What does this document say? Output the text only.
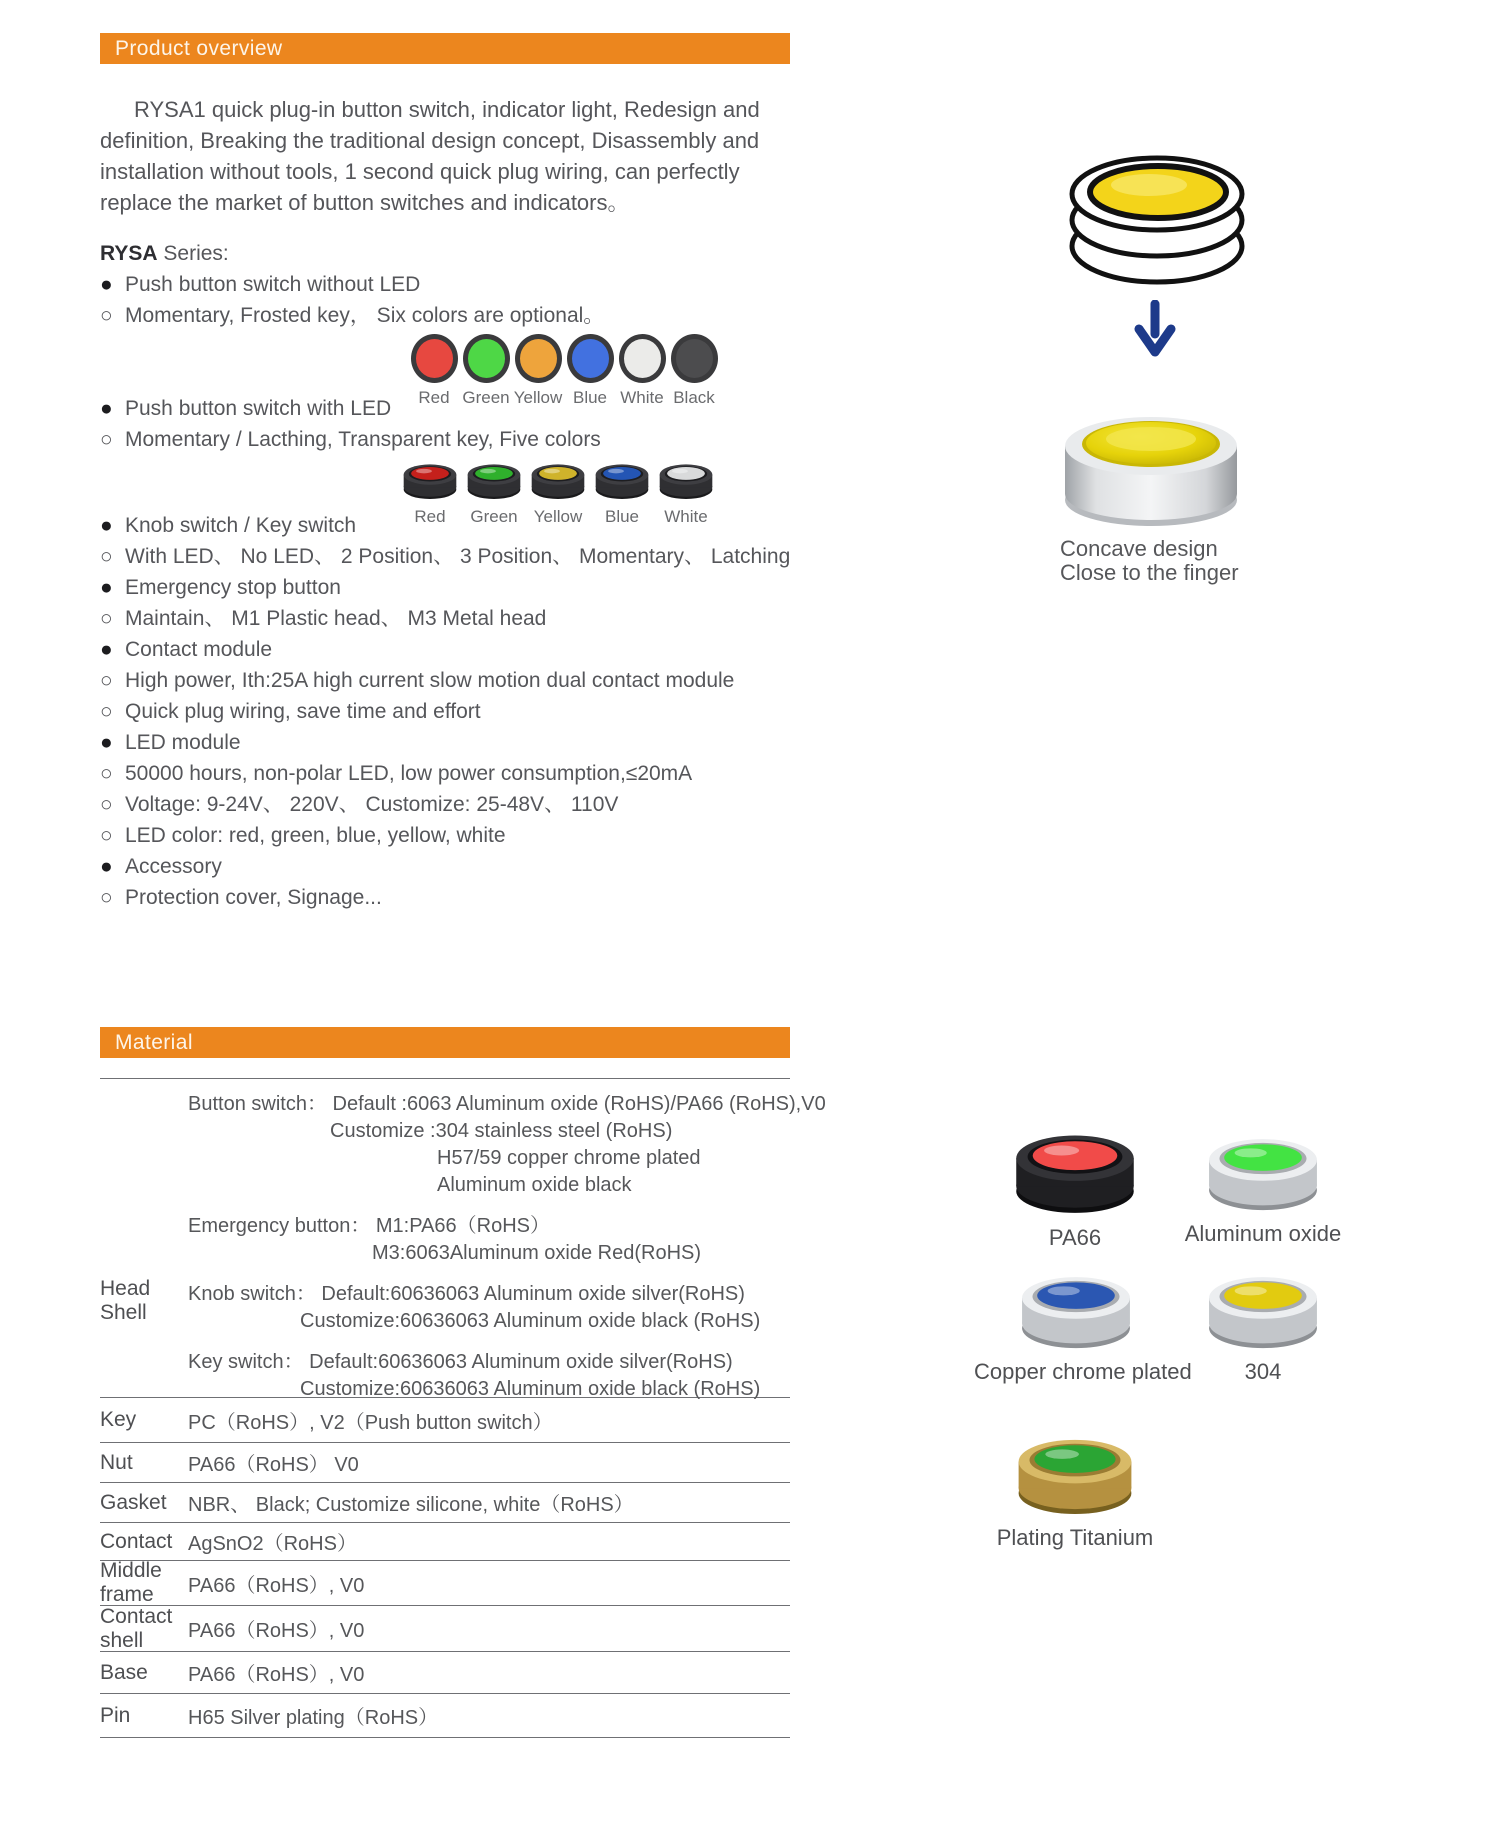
Product overview

RYSA1 quick plug-in button switch, indicator light, Redesign and definition, Breaking the traditional design concept, Disassembly and installation without tools, 1 second quick plug wiring, can perfectly replace the market of button switches and indicators。

RYSA Series:
● Push button switch without LED
○ Momentary, Frosted key， Six colors are optional。
● Push button switch with LED
○ Momentary / Lacthing, Transparent key, Five colors
● Knob switch / Key switch
○ With LED、 No LED、 2 Position、 3 Position、 Momentary、 Latching
● Emergency stop button
○ Maintain、 M1 Plastic head、 M3 Metal head
● Contact module
○ High power, Ith:25A high current slow motion dual contact module
○ Quick plug wiring, save time and effort
● LED module
○ 50000 hours, non-polar LED, low power consumption,≤20mA
○ Voltage: 9-24V、 220V、 Customize: 25-48V、 110V
○ LED color: red, green, blue, yellow, white
● Accessory
○ Protection cover, Signage...
Red Green Yellow Blue White Black
Red Green Yellow Blue White
Concave design
Close to the finger
Material
Head Shell
Button switch： Default :6063 Aluminum oxide (RoHS)/PA66 (RoHS),V0
Customize :304 stainless steel (RoHS)
H57/59 copper chrome plated
Aluminum oxide black
Emergency button： M1:PA66（RoHS）
M3:6063Aluminum oxide Red(RoHS)
Knob switch： Default:60636063 Aluminum oxide silver(RoHS)
Customize:60636063 Aluminum oxide black (RoHS)
Key switch： Default:60636063 Aluminum oxide silver(RoHS)
Customize:60636063 Aluminum oxide black (RoHS)
Key	PC（RoHS）, V2（Push button switch）
Nut	PA66（RoHS） V0
Gasket	NBR、 Black; Customize silicone, white（RoHS）
Contact AgSnO2（RoHS）
Middle frame	PA66（RoHS）, V0
Contact shell	PA66（RoHS）, V0
Base	PA66（RoHS）, V0
Pin	H65 Silver plating（RoHS）
PA66	Aluminum oxide
Copper chrome plated	304
Plating Titanium
